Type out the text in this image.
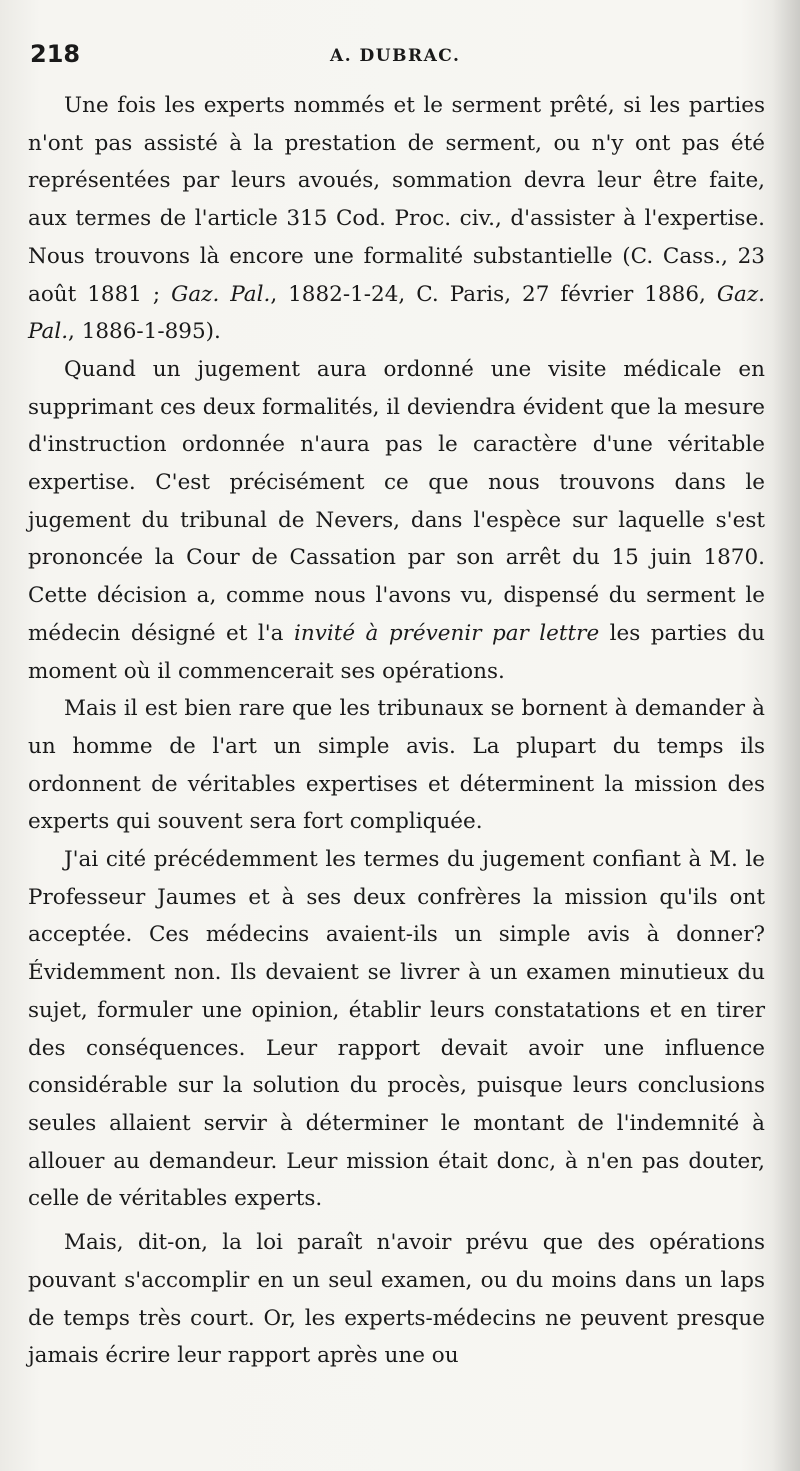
218	A. DUBRAC.

Une fois les experts nommés et le serment prêté, si les parties n'ont pas assisté à la prestation de serment, ou n'y ont pas été représentées par leurs avoués, sommation devra leur être faite, aux termes de l'article 315 Cod. Proc. civ., d'assister à l'expertise. Nous trouvons là encore une formalité substantielle (C. Cass., 23 août 1881 ; Gaz. Pal., 1882-1-24, C. Paris, 27 février 1886, Gaz. Pal., 1886-1-895).

Quand un jugement aura ordonné une visite médicale en supprimant ces deux formalités, il deviendra évident que la mesure d'instruction ordonnée n'aura pas le caractère d'une véritable expertise. C'est précisément ce que nous trouvons dans le jugement du tribunal de Nevers, dans l'espèce sur laquelle s'est prononcée la Cour de Cassation par son arrêt du 15 juin 1870. Cette décision a, comme nous l'avons vu, dispensé du serment le médecin désigné et l'a invité à prévenir par lettre les parties du moment où il commencerait ses opérations.

Mais il est bien rare que les tribunaux se bornent à demander à un homme de l'art un simple avis. La plupart du temps ils ordonnent de véritables expertises et déterminent la mission des experts qui souvent sera fort compliquée.

J'ai cité précédemment les termes du jugement confiant à M. le Professeur Jaumes et à ses deux confrères la mission qu'ils ont acceptée. Ces médecins avaient-ils un simple avis à donner? Évidemment non. Ils devaient se livrer à un examen minutieux du sujet, formuler une opinion, établir leurs constatations et en tirer des conséquences. Leur rapport devait avoir une influence considérable sur la solution du procès, puisque leurs conclusions seules allaient servir à déterminer le montant de l'indemnité à allouer au demandeur. Leur mission était donc, à n'en pas douter, celle de véritables experts.

Mais, dit-on, la loi paraît n'avoir prévu que des opérations pouvant s'accomplir en un seul examen, ou du moins dans un laps de temps très court. Or, les experts-médecins ne peuvent presque jamais écrire leur rapport après une ou
